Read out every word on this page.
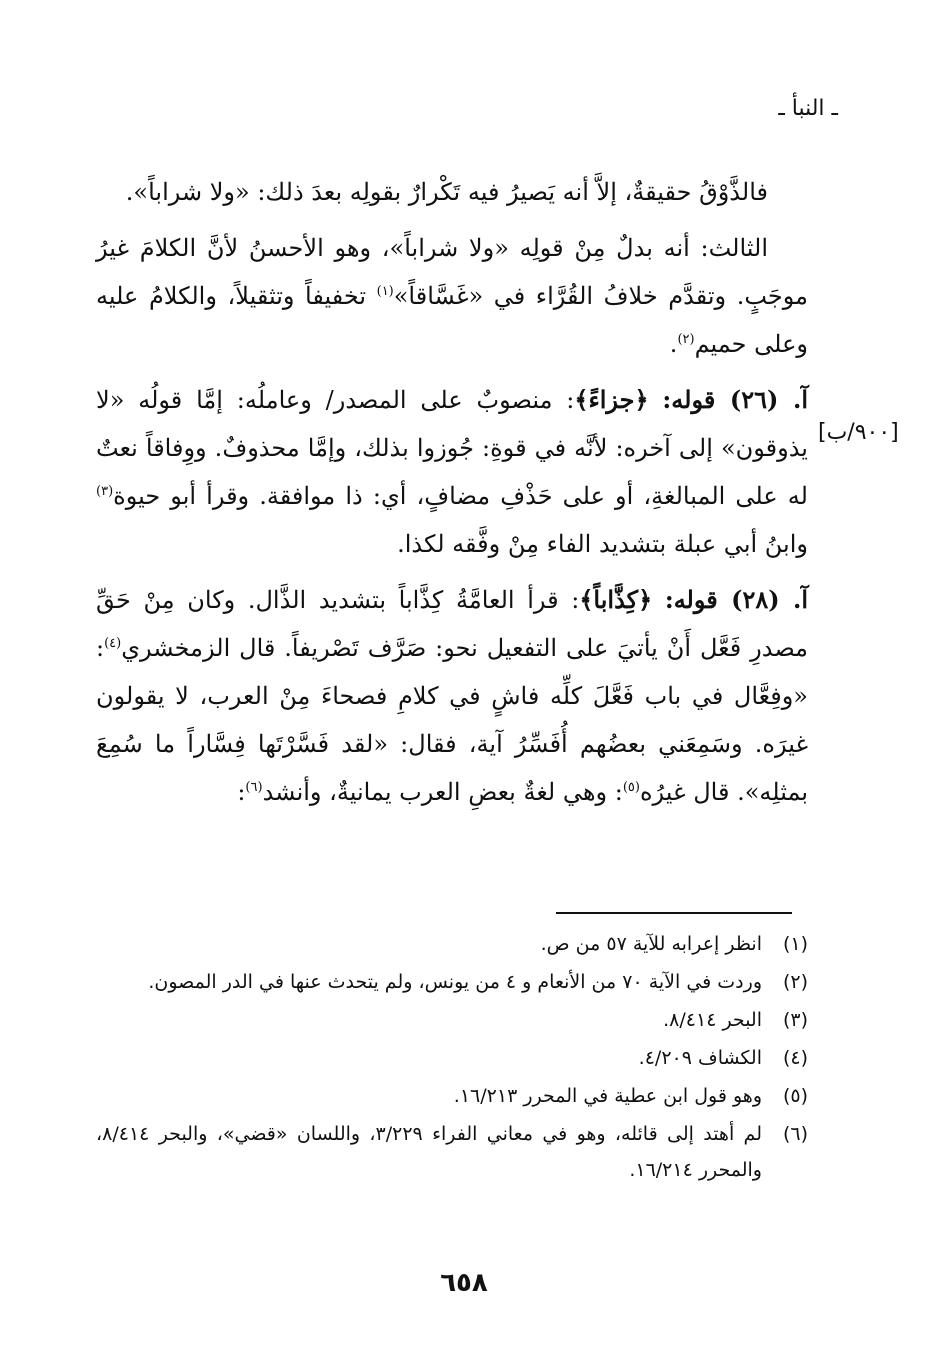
ـ النبأ ـ
[٩٠٠/ب]

فالذَّوْقُ حقيقةٌ، إلاَّ أنه يَصيرُ فيه تَكْرارٌ بقولِه بعدَ ذلك: «ولا شراباً».

الثالث: أنه بدلٌ مِنْ قولِه «ولا شراباً»، وهو الأحسنُ لأنَّ الكلامَ غيرُ موجَبٍ. وتقدَّم خلافُ القُرَّاء في «غَسَّاقاً»$^{(١)}$ تخفيفاً وتثقيلاً، والكلامُ عليه وعلى حميم$^{(٢)}$.

آ. (٢٦) قوله: ﴿جزاءً﴾: منصوبٌ على المصدر/ وعاملُه: إمَّا قولُه «لا يذوقون» إلى آخره: لأنَّه في قوةِ: جُوزوا بذلك، وإمَّا محذوفٌ. ووِفاقاً نعتٌ له على المبالغةِ، أو على حَذْفِ مضافٍ، أي: ذا موافقة. وقرأ أبو حيوة$^{(٣)}$ وابنُ أبي عبلة بتشديد الفاء مِنْ وفَّقه لكذا.

آ. (٢٨) قوله: ﴿كِذَّاباً﴾: قرأ العامَّةُ كِذَّاباً بتشديد الذَّال. وكان مِنْ حَقِّ مصدرِ فَعَّل أَنْ يأتيَ على التفعيل نحو: صَرَّف تَصْريفاً. قال الزمخشري$^{(٤)}$: «وفِعَّال في باب فَعَّلَ كلِّه فاشٍ في كلامِ فصحاءَ مِنْ العرب، لا يقولون غيرَه. وسَمِعَني بعضُهم أُفَسِّرُ آية، فقال: «لقد فَسَّرْتَها فِسَّاراً ما سُمِعَ بمثلِه». قال غيرُه$^{(٥)}$: وهي لغةٌ بعضِ العرب يمانيةٌ، وأنشد$^{(٦)}$:

(١)
انظر إعرابه للآية ٥٧ من ص.
(٢)
وردت في الآية ٧٠ من الأنعام و ٤ من يونس، ولم يتحدث عنها في الدر المصون.
(٣)
البحر ٨/٤١٤.
(٤)
الكشاف ٤/٢٠٩.
(٥)
وهو قول ابن عطية في المحرر ١٦/٢١٣.
(٦)
لم أهتد إلى قائله، وهو في معاني الفراء ٣/٢٢٩، واللسان «قضي»، والبحر ٨/٤١٤، والمحرر ١٦/٢١٤.
٦٥٨
